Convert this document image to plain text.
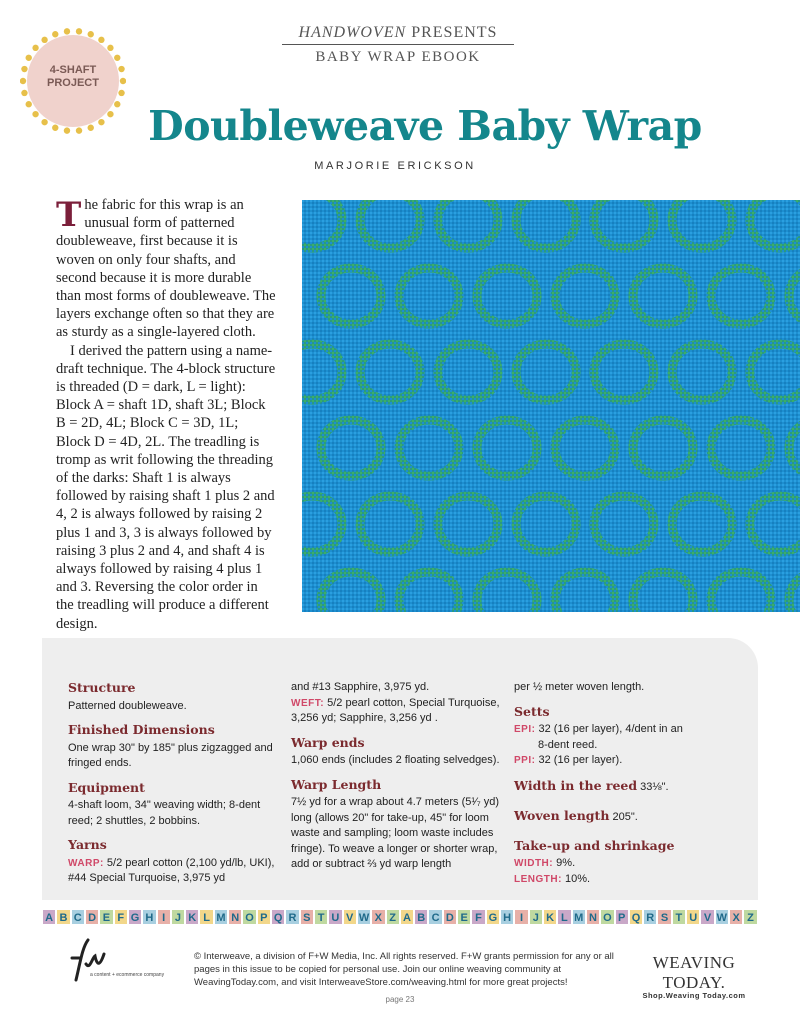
HANDWOVEN PRESENTS
BABY WRAP EBOOK
4-SHAFT
PROJECT
Doubleweave Baby Wrap
MARJORIE ERICKSON

The fabric for this wrap is an unusual form of patterned doubleweave, first because it is woven on only four shafts, and second because it is more durable than most forms of doubleweave. The layers exchange often so that they are as sturdy as a single-layered cloth.

I derived the pattern using a name-draft technique. The 4-block structure is threaded (D = dark, L = light): Block A = shaft 1D, shaft 3L; Block B = 2D, 4L; Block C = 3D, 1L; Block D = 4D, 2L. The treadling is tromp as writ following the threading of the darks: Shaft 1 is always followed by raising shaft 1 plus 2 and 4, 2 is always followed by raising 2 plus 1 and 3, 3 is always followed by raising 3 plus 2 and 4, and shaft 4 is always followed by raising 4 plus 1 and 3. Reversing the color order in the treadling will produce a different design.

Structure
Patterned doubleweave.
Finished Dimensions
One wrap 30" by 185" plus zigzagged and fringed ends.
Equipment
4-shaft loom, 34" weaving width; 8-dent reed; 2 shuttles, 2 bobbins.
Yarns
WARP: 5/2 pearl cotton (2,100 yd/lb, UKI), #44 Special Turquoise, 3,975 yd
and #13 Sapphire, 3,975 yd.
WEFT: 5/2 pearl cotton, Special Turquoise, 3,256 yd; Sapphire, 3,256 yd .
Warp ends
1,060 ends (includes 2 floating selvedges).
Warp Length
7½ yd for a wrap about 4.7 meters (5¹⁄₇ yd) long (allows 20" for take-up, 45" for loom waste and sampling; loom waste includes fringe). To weave a longer or shorter wrap, add or subtract ⅔ yd warp length
per ½ meter woven length.
Setts
EPI: 32 (16 per layer), 4/dent in an 8-dent reed.
PPI: 32 (16 per layer).
Width in the reed 33⅛".
Woven length 205".
Take-up and shrinkage
WIDTH: 9%.
LENGTH: 10%.
A B C D E F G H I J K L M N O P Q R S T U V W X Z A B C D E F G H I J K L M N O P Q R S T U V W X Z
a content + ecommerce company
© Interweave, a division of F+W Media, Inc. All rights reserved. F+W grants permission for any or all pages in this issue to be copied for personal use. Join our online weaving community at WeavingToday.com, and visit InterweaveStore.com/weaving.html for more great projects!
WEAVING TODAY.
Shop.Weaving Today.com
page 23
